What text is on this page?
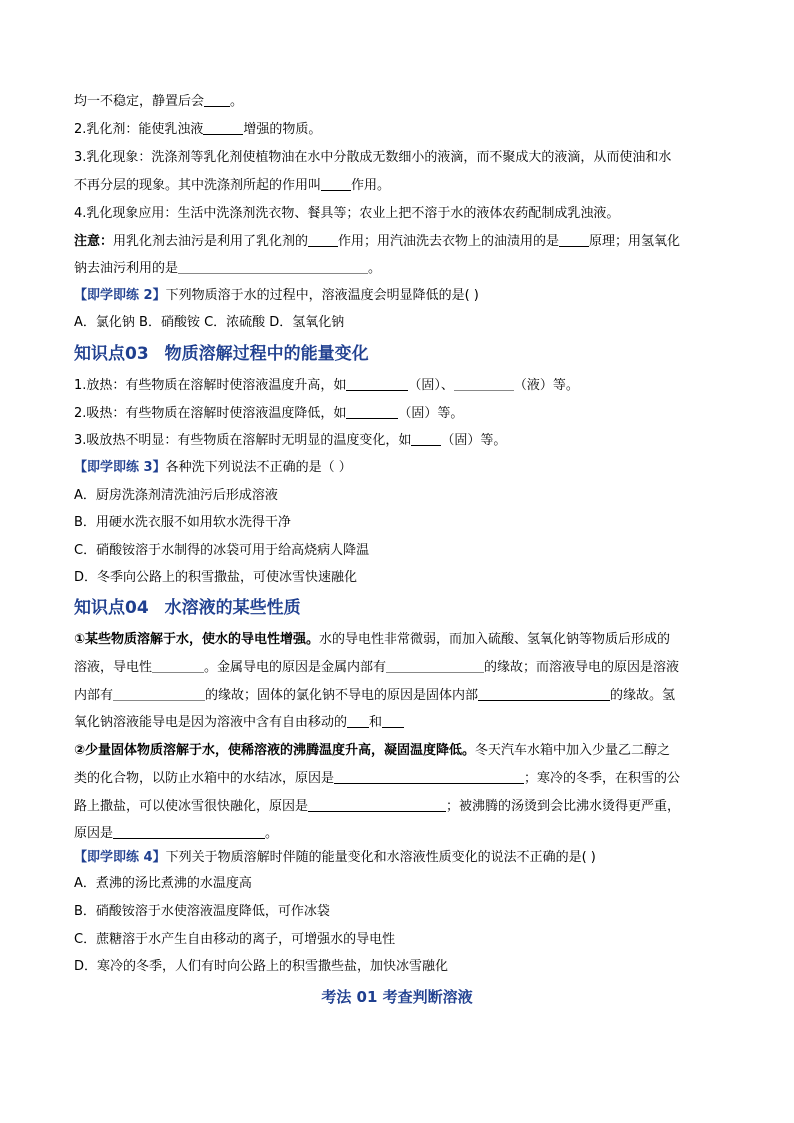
均一不稳定，静置后会 。
2.乳化剂：能使乳浊液	增强的物质。
3.乳化现象：洗涤剂等乳化剂使植物油在水中分散成无数细小的液滴，而不聚成大的液滴，从而使油和水
不再分层的现象。其中洗涤剂所起的作用叫 作用。
4.乳化现象应用：生活中洗涤剂洗衣物、餐具等；农业上把不溶于水的液体农药配制成乳浊液。
注意：用乳化剂去油污是利用了乳化剂的 作用；用汽油洗去衣物上的油渍用的是 原理；用氢氧化
钠去油污利用的是	。
【即学即练 2】下列物质溶于水的过程中，溶液温度会明显降低的是( )
A．氯化钠 B．硝酸铵 C．浓硫酸 D．氢氧化钠
知识点03 物质溶解过程中的能量变化
1.放热：有些物质在溶解时使溶液温度升高，如	（固）、	（液）等。
2.吸热：有些物质在溶解时使溶液温度降低，如	（固）等。
3.吸放热不明显：有些物质在溶解时无明显的温度变化，如 （固）等。
【即学即练 3】各种洗下列说法不正确的是（ ）
A．厨房洗涤剂清洗油污后形成溶液
B．用硬水洗衣服不如用软水洗得干净
C．硝酸铵溶于水制得的冰袋可用于给高烧病人降温
D．冬季向公路上的积雪撒盐，可使冰雪快速融化
知识点04 水溶液的某些性质
①某些物质溶解于水，使水的导电性增强。水的导电性非常微弱，而加入硫酸、氢氧化钠等物质后形成的
溶液，导电性	。金属导电的原因是金属内部有	的缘故；而溶液导电的原因是溶液
内部有	的缘故；固体的氯化钠不导电的原因是固体内部	的缘故。氢
氧化钠溶液能导电是因为溶液中含有自由移动的 和
②少量固体物质溶解于水，使稀溶液的沸腾温度升高，凝固温度降低。冬天汽车水箱中加入少量乙二醇之
类的化合物，以防止水箱中的水结冰，原因是	；寒冷的冬季，在积雪的公
路上撒盐，可以使冰雪很快融化，原因是	；被沸腾的汤烫到会比沸水烫得更严重，
原因是	。
【即学即练 4】下列关于物质溶解时伴随的能量变化和水溶液性质变化的说法不正确的是( )
A．煮沸的汤比煮沸的水温度高
B．硝酸铵溶于水使溶液温度降低，可作冰袋
C．蔗糖溶于水产生自由移动的离子，可增强水的导电性
D．寒冷的冬季，人们有时向公路上的积雪撒些盐，加快冰雪融化
考法 01 考查判断溶液
